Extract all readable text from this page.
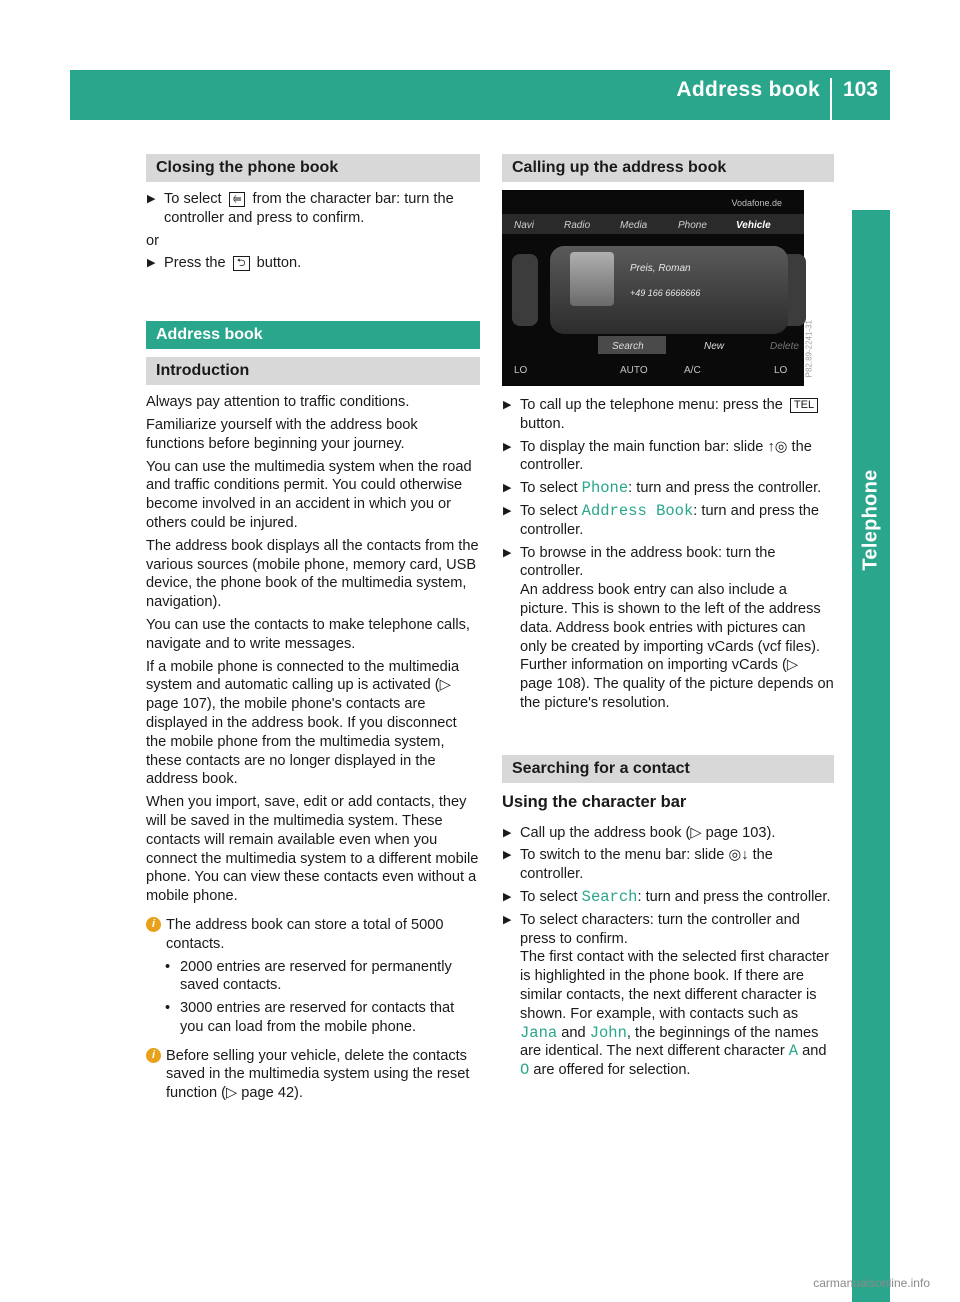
Address book 103
Telephone
Closing the phone book
▶ To select ⥢ from the character bar: turn the controller and press to confirm.
or
▶ Press the ⮌ button.
Address book
Introduction

Always pay attention to traffic conditions.

Familiarize yourself with the address book functions before beginning your journey.

You can use the multimedia system when the road and traffic conditions permit. You could otherwise become involved in an accident in which you or others could be injured.

The address book displays all the contacts from the various sources (mobile phone, memory card, USB device, the phone book of the multimedia system, navigation).

You can use the contacts to make telephone calls, navigate and to write messages.

If a mobile phone is connected to the multimedia system and automatic calling up is activated (▷ page 107), the mobile phone's contacts are displayed in the address book. If you disconnect the mobile phone from the multimedia system, these contacts are no longer displayed in the address book.

When you import, save, edit or add contacts, they will be saved in the multimedia system. These contacts will remain available even when you connect the multimedia system to a different mobile phone. You can view these contacts even without a mobile phone.

i The address book can store a total of 5000 contacts.
• 2000 entries are reserved for permanently saved contacts.
• 3000 entries are reserved for contacts that you can load from the mobile phone.
i Before selling your vehicle, delete the contacts saved in the multimedia system using the reset function (▷ page 42).
Calling up the address book
Vodafone.de
Navi	Radio	Media	Phone	Vehicle
Preis, Roman
+49 166 6666666
Search	New	Delete
LO	AUTO	A/C	LO	P82.89-2241-31
▶ To call up the telephone menu: press the TEL button.
▶ To display the main function bar: slide ↑◎ the controller.
▶ To select Phone: turn and press the controller.
▶ To select Address Book: turn and press the controller.
▶ To browse in the address book: turn the controller.
An address book entry can also include a picture. This is shown to the left of the address data. Address book entries with pictures can only be created by importing vCards (vcf files). Further information on importing vCards (▷ page 108). The quality of the picture depends on the picture's resolution.
Searching for a contact
Using the character bar
▶ Call up the address book (▷ page 103).
▶ To switch to the menu bar: slide ◎↓ the controller.
▶ To select Search: turn and press the controller.
▶ To select characters: turn the controller and press to confirm.
The first contact with the selected first character is highlighted in the phone book. If there are similar contacts, the next different character is shown. For example, with contacts such as Jana and John, the beginnings of the names are identical. The next different character A and O are offered for selection.
carmanualsonline.info
